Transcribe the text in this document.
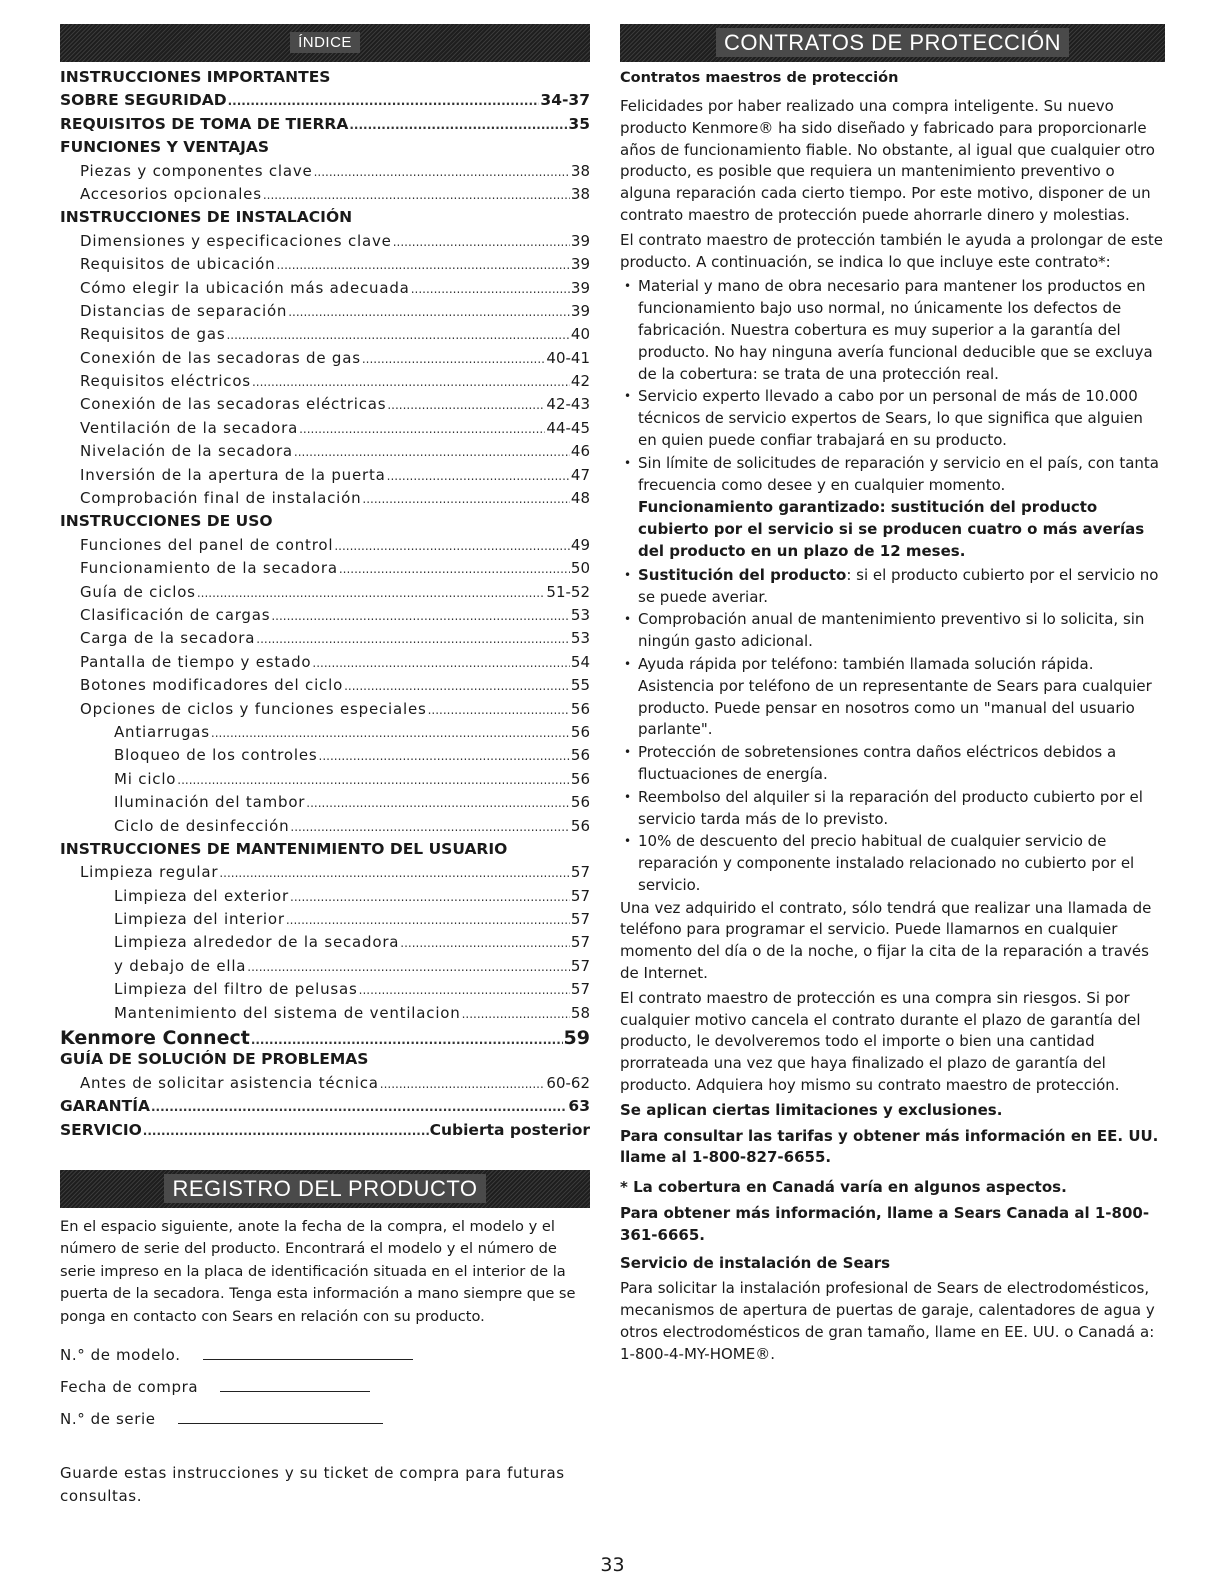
ÍNDICE
INSTRUCCIONES IMPORTANTES
SOBRE SEGURIDAD .....	34-37
REQUISITOS DE TOMA DE TIERRA .....	35
FUNCIONES Y VENTAJAS
Piezas y componentes clave .....	38
Accesorios opcionales .....	38
INSTRUCCIONES DE INSTALACIÓN
Dimensiones y especificaciones clave .....	39
Requisitos de ubicación .....	39
Cómo elegir la ubicación más adecuada .....	39
Distancias de separación .....	39
Requisitos de gas .....	40
Conexión de las secadoras de gas .....	40-41
Requisitos eléctricos .....	42
Conexión de las secadoras eléctricas .....	42-43
Ventilación de la secadora .....	44-45
Nivelación de la secadora .....	46
Inversión de la apertura de la puerta .....	47
Comprobación final de instalación .....	48
INSTRUCCIONES DE USO
Funciones del panel de control .....	49
Funcionamiento de la secadora .....	50
Guía de ciclos .....	51-52
Clasificación de cargas .....	53
Carga de la secadora .....	53
Pantalla de tiempo y estado .....	54
Botones modificadores del ciclo .....	55
Opciones de ciclos y funciones especiales .....	56
Antiarrugas .....	56
Bloqueo de los controles .....	56
Mi ciclo .....	56
Iluminación del tambor .....	56
Ciclo de desinfección .....	56
INSTRUCCIONES DE MANTENIMIENTO DEL USUARIO
Limpieza regular .....	57
Limpieza del exterior .....	57
Limpieza del interior .....	57
Limpieza alrededor de la secadora .....	57
y debajo de ella .....	57
Limpieza del filtro de pelusas .....	57
Mantenimiento del sistema de ventilacion .....	58
Kenmore Connect .....	59
GUÍA DE SOLUCIÓN DE PROBLEMAS
Antes de solicitar asistencia técnica .....	60-62
GARANTÍA .....	63
SERVICIO .....	Cubierta posterior
REGISTRO DEL PRODUCTO
En el espacio siguiente, anote la fecha de la compra, el modelo y el número de serie del producto. Encontrará el modelo y el número de serie impreso en la placa de identificación situada en el interior de la puerta de la secadora. Tenga esta información a mano siempre que se ponga en contacto con Sears en relación con su producto.
N.° de modelo.
Fecha de compra
N.° de serie
Guarde estas instrucciones y su ticket de compra para futuras consultas.
CONTRATOS DE PROTECCIÓN
Contratos maestros de protección

Felicidades por haber realizado una compra inteligente. Su nuevo producto Kenmore® ha sido diseñado y fabricado para proporcionarle años de funcionamiento fiable. No obstante, al igual que cualquier otro producto, es posible que requiera un mantenimiento preventivo o alguna reparación cada cierto tiempo. Por este motivo, disponer de un contrato maestro de protección puede ahorrarle dinero y molestias.

El contrato maestro de protección también le ayuda a prolongar de este producto. A continuación, se indica lo que incluye este contrato*:

• Material y mano de obra necesario para mantener los productos en funcionamiento bajo uso normal, no únicamente los defectos de fabricación. Nuestra cobertura es muy superior a la garantía del producto. No hay ninguna avería funcional deducible que se excluya de la cobertura: se trata de una protección real.
• Servicio experto llevado a cabo por un personal de más de 10.000 técnicos de servicio expertos de Sears, lo que significa que alguien en quien puede confiar trabajará en su producto.
• Sin límite de solicitudes de reparación y servicio en el país, con tanta frecuencia como desee y en cualquier momento.
Funcionamiento garantizado: sustitución del producto cubierto por el servicio si se producen cuatro o más averías del producto en un plazo de 12 meses.
• Sustitución del producto: si el producto cubierto por el servicio no se puede averiar.
• Comprobación anual de mantenimiento preventivo si lo solicita, sin ningún gasto adicional.
• Ayuda rápida por teléfono: también llamada solución rápida. Asistencia por teléfono de un representante de Sears para cualquier producto. Puede pensar en nosotros como un "manual del usuario parlante".
• Protección de sobretensiones contra daños eléctricos debidos a fluctuaciones de energía.
• Reembolso del alquiler si la reparación del producto cubierto por el servicio tarda más de lo previsto.
• 10% de descuento del precio habitual de cualquier servicio de reparación y componente instalado relacionado no cubierto por el servicio.

Una vez adquirido el contrato, sólo tendrá que realizar una llamada de teléfono para programar el servicio. Puede llamarnos en cualquier momento del día o de la noche, o fijar la cita de la reparación a través de Internet.

El contrato maestro de protección es una compra sin riesgos. Si por cualquier motivo cancela el contrato durante el plazo de garantía del producto, le devolveremos todo el importe o bien una cantidad prorrateada una vez que haya finalizado el plazo de garantía del producto. Adquiera hoy mismo su contrato maestro de protección.

Se aplican ciertas limitaciones y exclusiones.
Para consultar las tarifas y obtener más información en EE. UU. llame al 1-800-827-6655.
* La cobertura en Canadá varía en algunos aspectos.
Para obtener más información, llame a Sears Canada al 1-800-361-6665.
Servicio de instalación de Sears

Para solicitar la instalación profesional de Sears de electrodomésticos, mecanismos de apertura de puertas de garaje, calentadores de agua y otros electrodomésticos de gran tamaño, llame en EE. UU. o Canadá a: 1-800-4-MY-HOME®.

33
